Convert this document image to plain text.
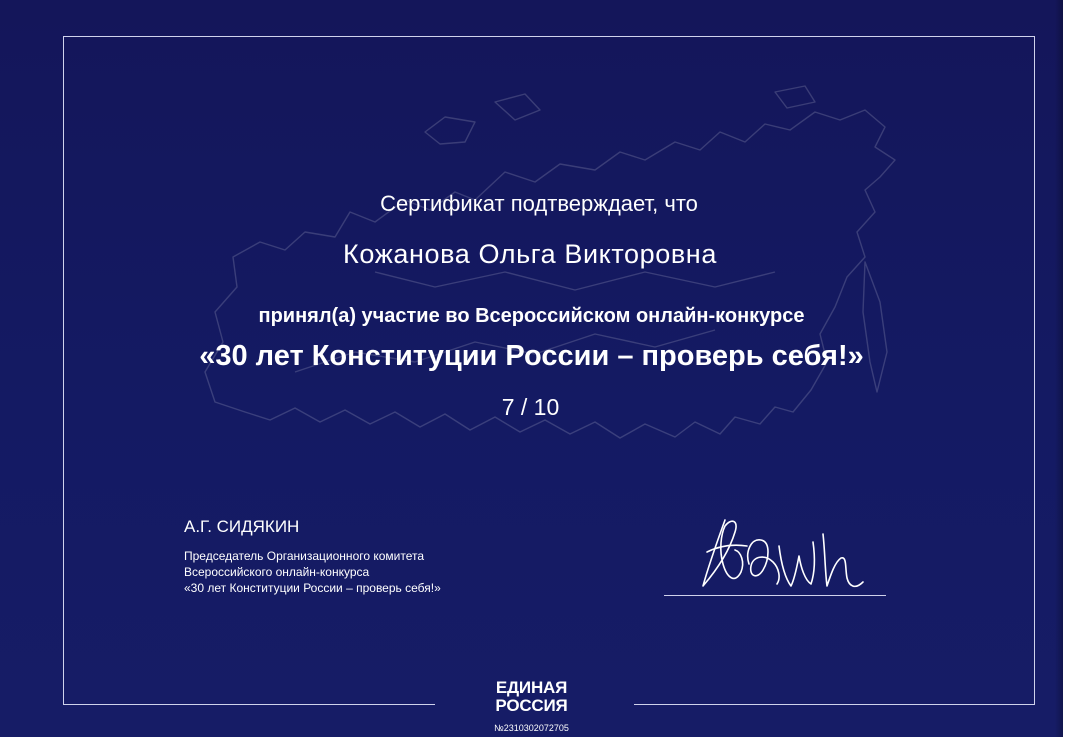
Сертификат подтверждает, что
Кожанова Ольга Викторовна
принял(а) участие во Всероссийском онлайн-конкурсе
«30 лет Конституции России – проверь себя!»
7 / 10
А.Г. СИДЯКИН
Председатель Организационного комитета
Всероссийского онлайн-конкурса
«30 лет Конституции России – проверь себя!»
ЕДИНАЯ
РОССИЯ
№2310302072705
